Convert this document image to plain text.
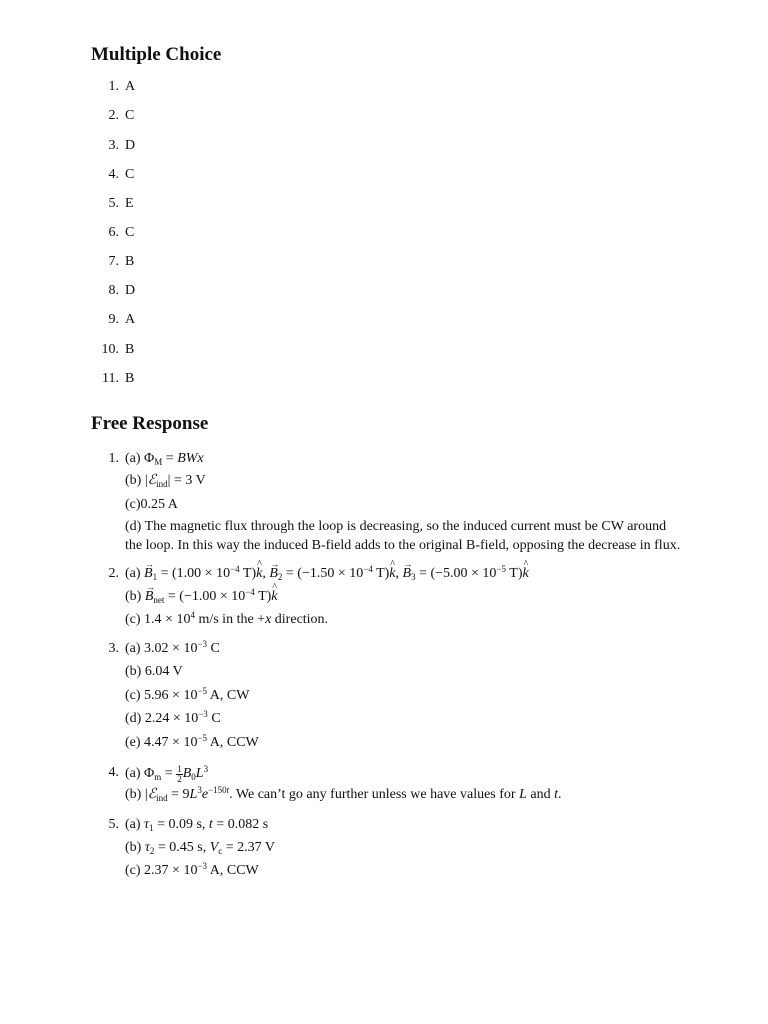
Multiple Choice
1. A
2. C
3. D
4. C
5. E
6. C
7. B
8. D
9. A
10. B
11. B
Free Response
1. (a) $\Phi_M$ = BWx
(b) |ℰ$_{ind}$| = 3 V
(c)0.25 A
(d) The magnetic flux through the loop is decreasing, so the induced current must be CW around the loop. In this way the induced B-field adds to the original B-field, opposing the decrease in flux.
2. $(a) \to B_1 = (1.00 \times 10^{-4}$ T)^ k, → $B_2 = (-1.50 \times 10^{-4}$ T)^ k, → $B_3 = (-5.00 \times 10^{-5}$ T)^ k
$(b) \to B_{net} = (-1.00 \times 10^{-4}$ T)^ k
(c) $1.4 \times 10^4$ m/s in the +x direction.
3. (a) $3.02 \times 10^{-3}$ C
(b) 6.04 V
(c) $5.96 \times 10^{-5}$ A, CW
(d) $2.24 \times 10^{-3}$ C
(e) $4.47 \times 10^{-5}$ A, CCW
4. (a) $\Phi_m = \frac{1}{2} B_0L^3$
(b) |ℰ$_{ind}$ = $9L^3e^{-150t}$. We can’t go any further unless we have values for L and t.
5. (a) $\tau_1 = 0.09$ s, t = 0.082 s
(b) $\tau_2 = 0.45$ s, $V_c = 2.37$ V
(c) $2.37 \times 10^{-3}$ A, CCW
